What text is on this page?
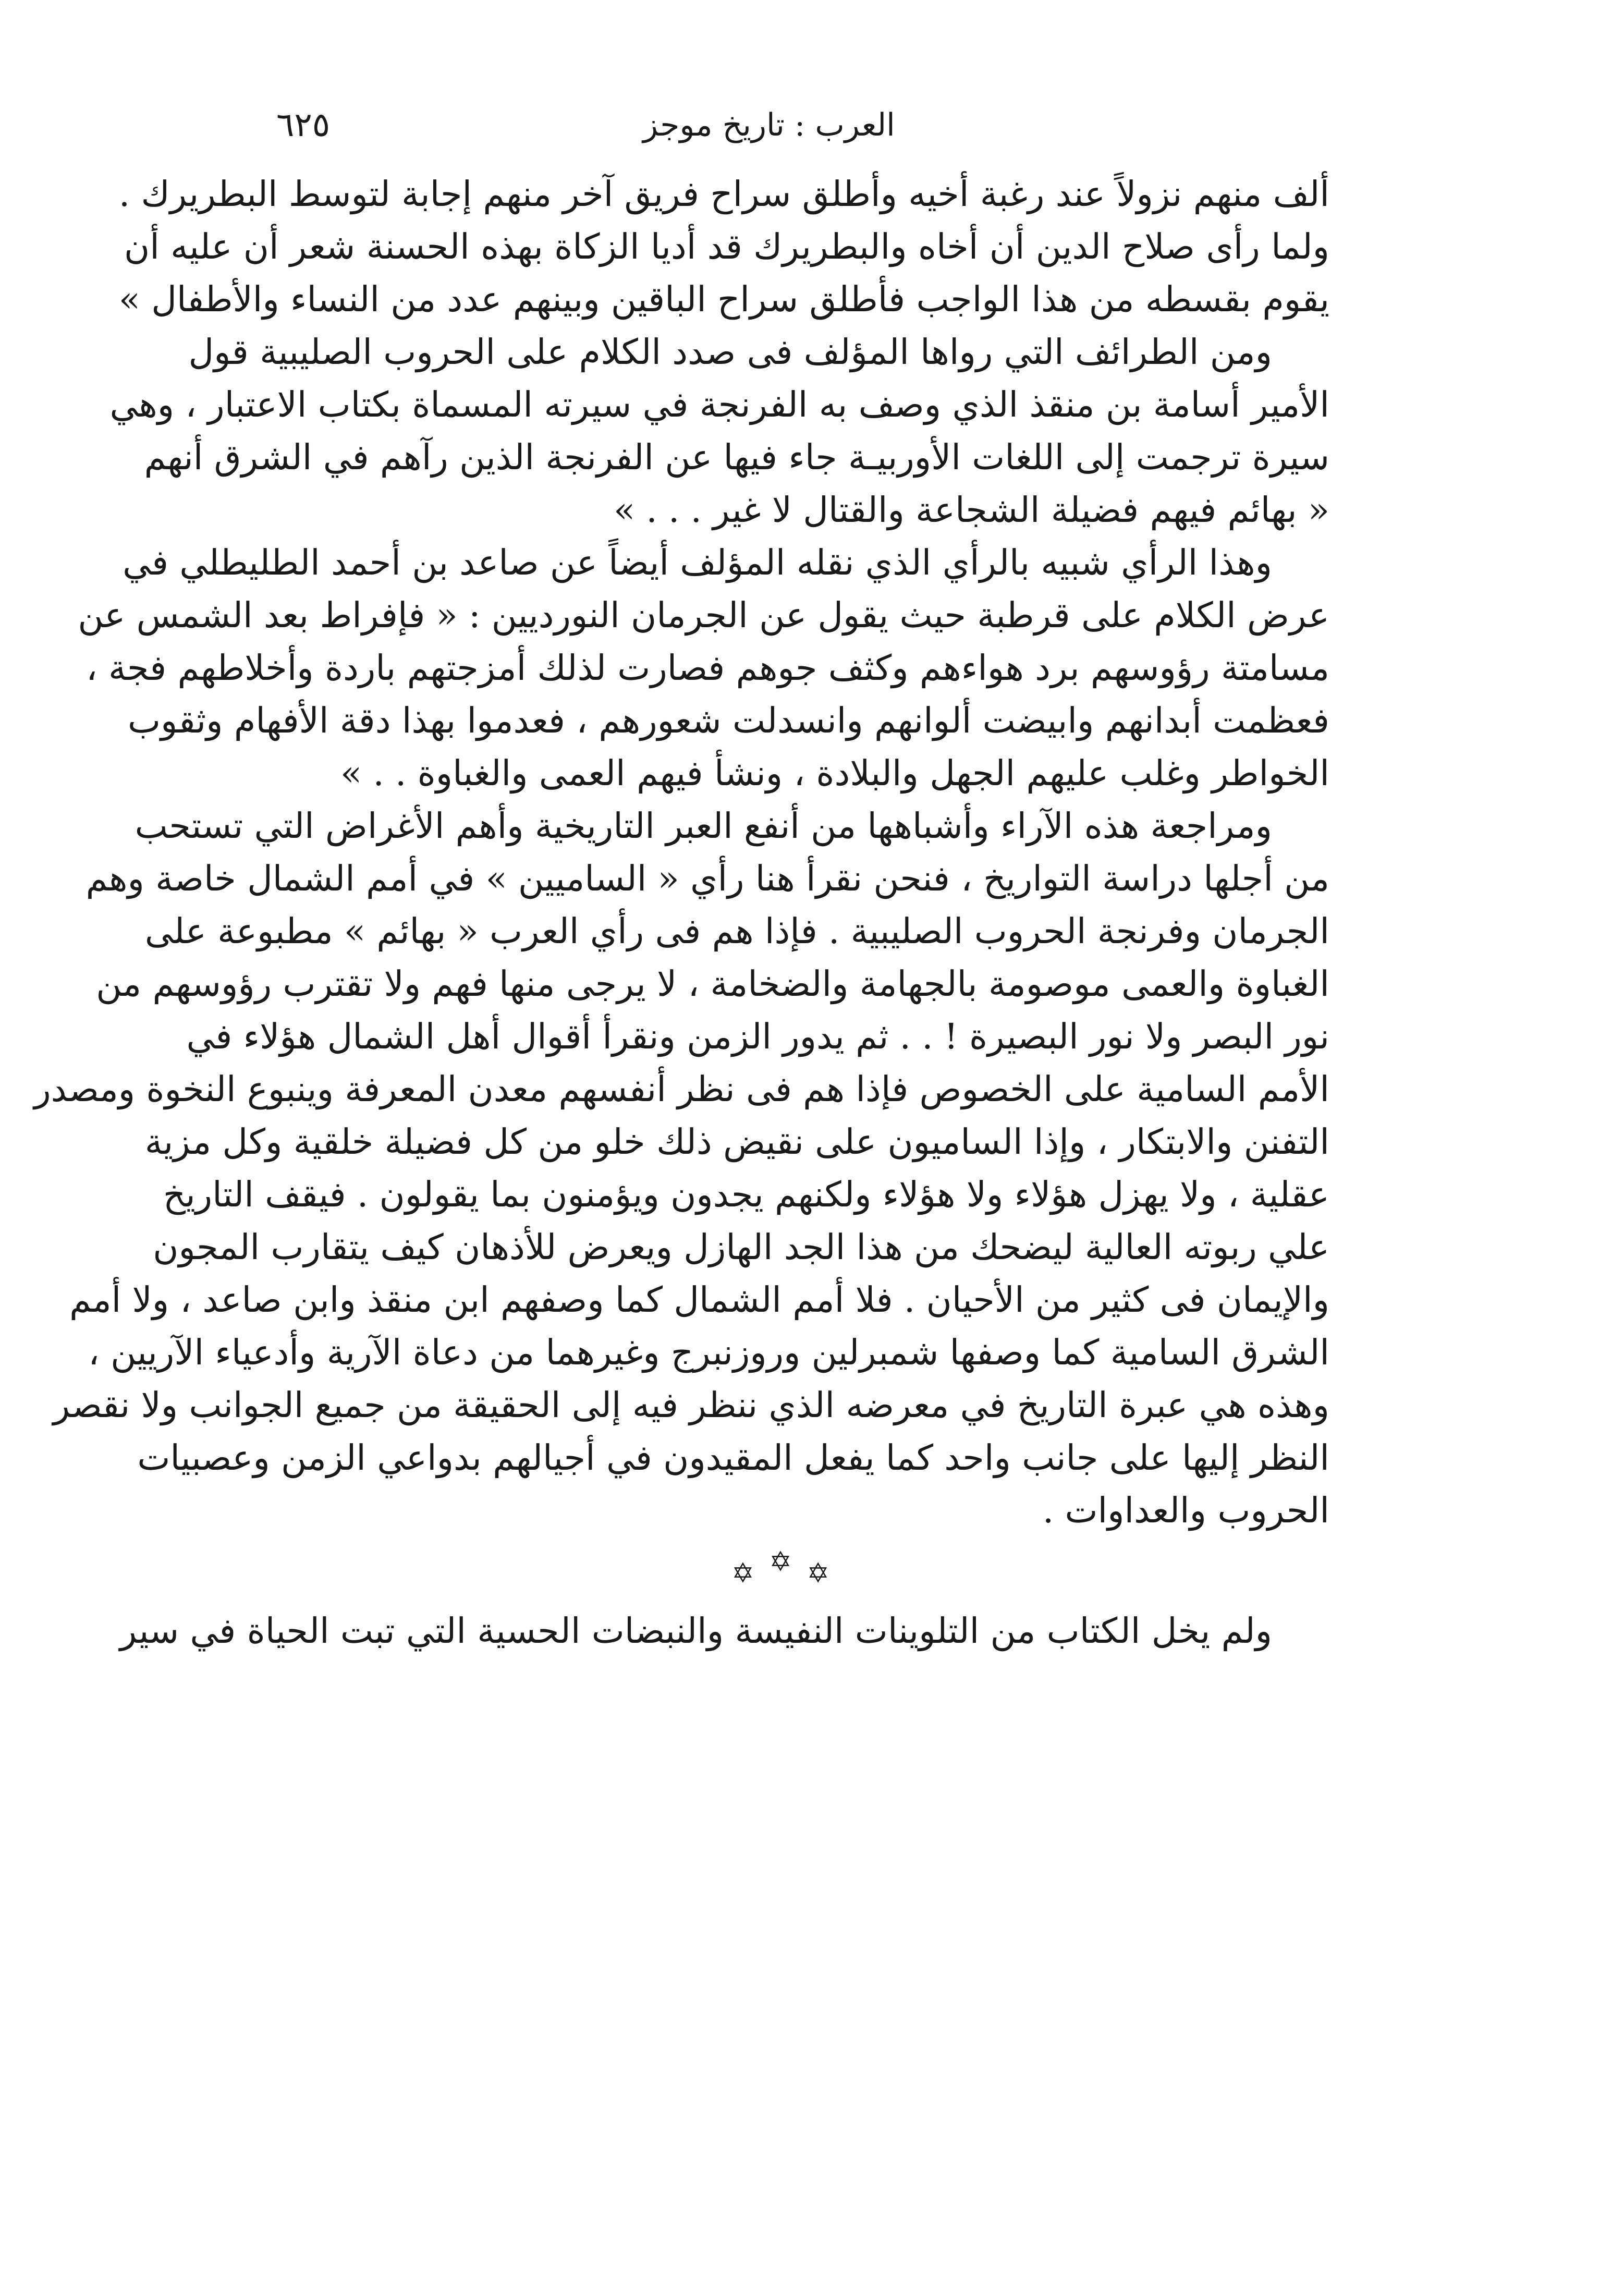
العرب : تاريخ موجز
٦٢٥
ألف منهم نزولاً عند رغبة أخيه وأطلق سراح فريق آخر منهم إجابة لتوسط البطريرك .
ولما رأى صلاح الدين أن أخاه والبطريرك قد أديا الزكاة بهذه الحسنة شعر أن عليه أن
يقوم بقسطه من هذا الواجب فأطلق سراح الباقين وبينهم عدد من النساء والأطفال »
ومن الطرائف التي رواها المؤلف فى صدد الكلام على الحروب الصليبية قول
الأمير أسامة بن منقذ الذي وصف به الفرنجة في سيرته المسماة بكتاب الاعتبار ، وهي
سيرة ترجمت إلى اللغات الأوربيـة جاء فيها عن الفرنجة الذين رآهم في الشرق أنهم
« بهائم فيهم فضيلة الشجاعة والقتال لا غير . . . »
وهذا الرأي شبيه بالرأي الذي نقله المؤلف أيضاً عن صاعد بن أحمد الطليطلي في
عرض الكلام على قرطبة حيث يقول عن الجرمان النورديين : « فإفراط بعد الشمس عن
مسامتة رؤوسهم برد هواءهم وكثف جوهم فصارت لذلك أمزجتهم باردة وأخلاطهم فجة ،
فعظمت أبدانهم وابيضت ألوانهم وانسدلت شعورهم ، فعدموا بهذا دقة الأفهام وثقوب
الخواطر وغلب عليهم الجهل والبلادة ، ونشأ فيهم العمى والغباوة . . »
ومراجعة هذه الآراء وأشباهها من أنفع العبر التاريخية وأهم الأغراض التي تستحب
من أجلها دراسة التواريخ ، فنحن نقرأ هنا رأي « الساميين » في أمم الشمال خاصة وهم
الجرمان وفرنجة الحروب الصليبية . فإذا هم فى رأي العرب « بهائم » مطبوعة على
الغباوة والعمى موصومة بالجهامة والضخامة ، لا يرجى منها فهم ولا تقترب رؤوسهم من
نور البصر ولا نور البصيرة ! . . ثم يدور الزمن ونقرأ أقوال أهل الشمال هؤلاء في
الأمم السامية على الخصوص فإذا هم فى نظر أنفسهم معدن المعرفة وينبوع النخوة ومصدر
التفنن والابتكار ، وإذا الساميون على نقيض ذلك خلو من كل فضيلة خلقية وكل مزية
عقلية ، ولا يهزل هؤلاء ولا هؤلاء ولكنهم يجدون ويؤمنون بما يقولون . فيقف التاريخ
علي ربوته العالية ليضحك من هذا الجد الهازل ويعرض للأذهان كيف يتقارب المجون
والإيمان فى كثير من الأحيان . فلا أمم الشمال كما وصفهم ابن منقذ وابن صاعد ، ولا أمم
الشرق السامية كما وصفها شمبرلين وروزنبرج وغيرهما من دعاة الآرية وأدعياء الآريين ،
وهذه هي عبرة التاريخ في معرضه الذي ننظر فيه إلى الحقيقة من جميع الجوانب ولا نقصر
النظر إليها على جانب واحد كما يفعل المقيدون في أجيالهم بدواعي الزمن وعصبيات
الحروب والعداوات .
✡ ✡ ✡
ولم يخل الكتاب من التلوينات النفيسة والنبضات الحسية التي تبت الحياة في سير
